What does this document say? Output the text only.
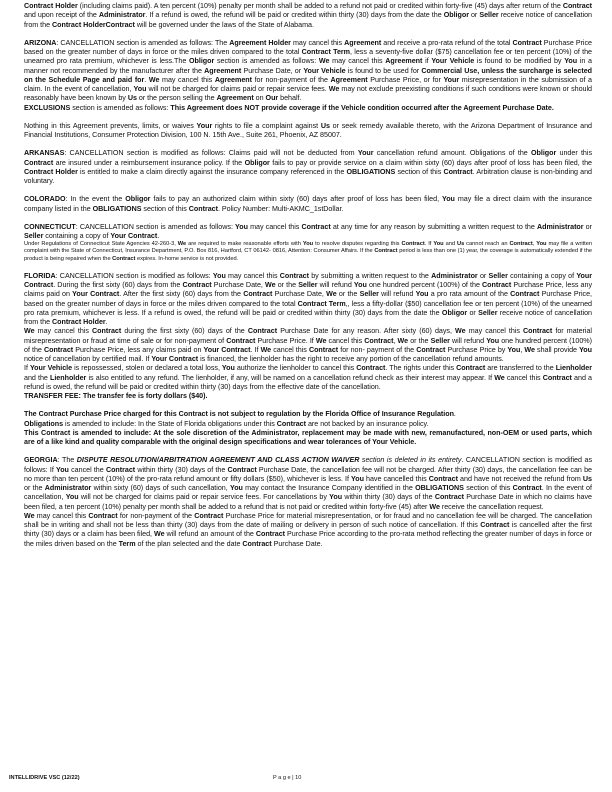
Contract Holder (including claims paid). A ten percent (10%) penalty per month shall be added to a refund not paid or credited within forty-five (45) days after return of the Contract and upon receipt of the Administrator. If a refund is owed, the refund will be paid or credited within thirty (30) days from the date the Obligor or Seller receive notice of cancellation from the Contract HolderContract will be governed under the laws of the State of Alabama.

ARIZONA: CANCELLATION section is amended as follows: The Agreement Holder may cancel this Agreement and receive a pro-rata refund of the total Contract Purchase Price based on the greater number of days in force or the miles driven compared to the total Contract Term, less a seventy-five dollar ($75) cancellation fee or ten percent (10%) of the unearned pro rata premium, whichever is less.The Obligor section is amended as follows: We may cancel this Agreement if Your Vehicle is found to be modified by You in a manner not recommended by the manufacturer after the Agreement Purchase Date, or Your Vehicle is found to be used for Commercial Use, unless the surcharge is selected on the Schedule Page and paid for. We may cancel this Agreement for non-payment of the Agreement Purchase Price, or for Your misrepresentation in the submission of a claim. In the event of cancellation, You will not be charged for claims paid or repair service fees. We may not exclude preexisting conditions if such conditions were known or should reasonably have been known by Us or the person selling the Agreement on Our behalf.

EXCLUSIONS section is amended as follows: This Agreement does NOT provide coverage if the Vehicle condition occurred after the Agreement Purchase Date.

Nothing in this Agreement prevents, limits, or waives Your rights to file a complaint against Us or seek remedy available thereto, with the Arizona Department of Insurance and Financial Institutions, Consumer Protection Division, 100 N. 15th Ave., Suite 261, Phoenix, AZ 85007.

ARKANSAS: CANCELLATION section is modified as follows: Claims paid will not be deducted from Your cancellation refund amount. Obligations of the Obligor under this Contract are insured under a reimbursement insurance policy. If the Obligor fails to pay or provide service on a claim within sixty (60) days after proof of loss has been filed, the Contract Holder is entitled to make a claim directly against the insurance company referenced in the OBLIGATIONS section of this Contract. Arbitration clause is non-binding and voluntary.

COLORADO: In the event the Obligor fails to pay an authorized claim within sixty (60) days after proof of loss has been filed, You may file a direct claim with the insurance company listed in the OBLIGATIONS section of this Contract. Policy Number: Multi-AKMC_1stDollar.

CONNECTICUT: CANCELLATION section is amended as follows: You may cancel this Contract at any time for any reason by submitting a written request to the Administrator or Seller containing a copy of Your Contract.

Under Regulations of Connecticut State Agencies 42-260-3, We are required to make reasonable efforts with You to resolve disputes regarding this Contract. If You and Us cannot reach an Contract, You may file a written complaint with the State of Connecticut, Insurance Department, P.O. Box 816, Hartford, CT 06142- 0816, Attention: Consumer Affairs. If the Contract period is less than one (1) year, the coverage is automatically extended if the product is being repaired when the Contract expires. In-home service is not provided.

FLORIDA: CANCELLATION section is modified as follows: You may cancel this Contract by submitting a written request to the Administrator or Seller containing a copy of Your Contract. During the first sixty (60) days from the Contract Purchase Date, We or the Seller will refund You one hundred percent (100%) of the Contract Purchase Price, less any claims paid on Your Contract. After the first sixty (60) days from the Contract Purchase Date, We or the Seller will refund You a pro rata amount of the Contract Purchase Price, based on the greater number of days in force or the miles driven compared to the total Contract Term,, less a fifty-dollar ($50) cancellation fee or ten percent (10%) of the unearned pro rata premium, whichever is less. If a refund is owed, the refund will be paid or credited within thirty (30) days from the date the Obligor or Seller receive notice of cancellation from the Contract Holder.

We may cancel this Contract during the first sixty (60) days of the Contract Purchase Date for any reason. After sixty (60) days, We may cancel this Contract for material misrepresentation or fraud at time of sale or for non-payment of Contract Purchase Price. If We cancel this Contract, We or the Seller will refund You one hundred percent (100%) of the Contract Purchase Price, less any claims paid on Your Contract. If We cancel this Contract for non- payment of the Contract Purchase Price by You, We shall provide You notice of cancellation by certified mail. If Your Contract is financed, the lienholder has the right to receive any portion of the cancellation refund amounts.

If Your Vehicle is repossessed, stolen or declared a total loss, You authorize the lienholder to cancel this Contract. The rights under this Contract are transferred to the Lienholder and the Lienholder is also entitled to any refund. The lienholder, if any, will be named on a cancellation refund check as their interest may appear. If We cancel this Contract and a refund is owed, the refund will be paid or credited within thirty (30) days from the effective date of the cancellation.

TRANSFER FEE: The transfer fee is forty dollars ($40).

The Contract Purchase Price charged for this Contract is not subject to regulation by the Florida Office of Insurance Regulation.

Obligations is amended to include: In the State of Florida obligations under this Contract are not backed by an insurance policy.

This Contract is amended to include: At the sole discretion of the Administrator, replacement may be made with new, remanufactured, non-OEM or used parts, which are of a like kind and quality comparable with the original design specifications and wear tolerances of Your Vehicle.

GEORGIA: The DISPUTE RESOLUTION/ARBITRATION AGREEMENT AND CLASS ACTION WAIVER section is deleted in its entirety. CANCELLATION section is modified as follows: If You cancel the Contract within thirty (30) days of the Contract Purchase Date, the cancellation fee will not be charged. After thirty (30) days, the cancellation fee can be no more than ten percent (10%) of the pro-rata refund amount or fifty dollars ($50), whichever is less. If You have cancelled this Contract and have not received the refund from Us or the Administrator within sixty (60) days of such cancellation, You may contact the Insurance Company identified in the OBLIGATIONS section of this Contract. In the event of cancellation, You will not be charged for claims paid or repair service fees. For cancellations by You within thirty (30) days of the Contract Purchase Date in which no claims have been filed, a ten percent (10%) penalty per month shall be added to a refund that is not paid or credited within forty-five (45) after We receive the cancellation request.

We may cancel this Contract for non-payment of the Contract Purchase Price for material misrepresentation, or for fraud and no cancellation fee will be charged. The cancellation shall be in writing and shall not be less than thirty (30) days from the date of mailing or delivery in person of such notice of cancellation. If this Contract is cancelled after the first thirty (30) days or a claim has been filed, We will refund an amount of the Contract Purchase Price according to the pro-rata method reflecting the greater number of days in force or the miles driven based on the Term of the plan selected and the date Contract Purchase Date.

INTELLIDRIVE VSC (12/22)	P a g e | 10
